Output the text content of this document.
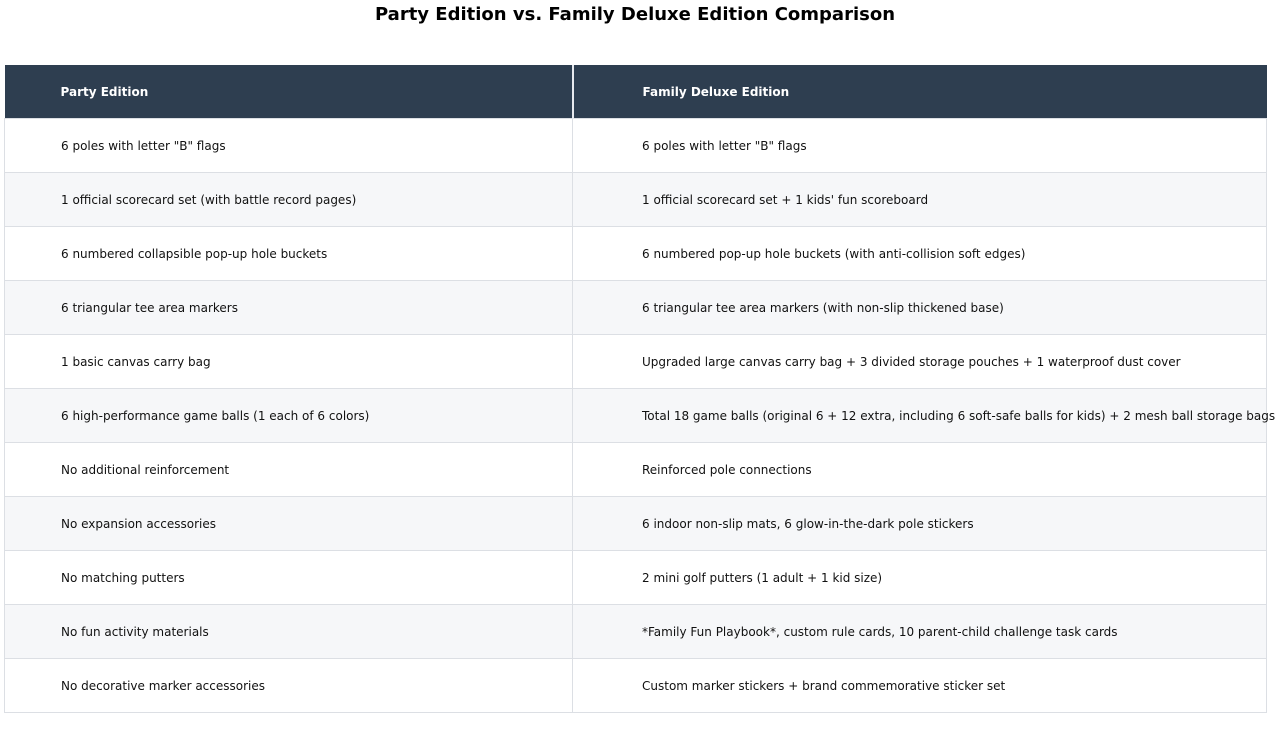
Party Edition vs. Family Deluxe Edition Comparison
Party Edition	Family Deluxe Edition
6 poles with letter "B" flags	6 poles with letter "B" flags
1 official scorecard set (with battle record pages)	1 official scorecard set + 1 kids' fun scoreboard
6 numbered collapsible pop-up hole buckets	6 numbered pop-up hole buckets (with anti-collision soft edges)
6 triangular tee area markers	6 triangular tee area markers (with non-slip thickened base)
1 basic canvas carry bag	Upgraded large canvas carry bag + 3 divided storage pouches + 1 waterproof dust cover
6 high-performance game balls (1 each of 6 colors)	Total 18 game balls (original 6 + 12 extra, including 6 soft-safe balls for kids) + 2 mesh ball storage bags
No additional reinforcement	Reinforced pole connections
No expansion accessories	6 indoor non-slip mats, 6 glow-in-the-dark pole stickers
No matching putters	2 mini golf putters (1 adult + 1 kid size)
No fun activity materials	*Family Fun Playbook*, custom rule cards, 10 parent-child challenge task cards
No decorative marker accessories	Custom marker stickers + brand commemorative sticker set
